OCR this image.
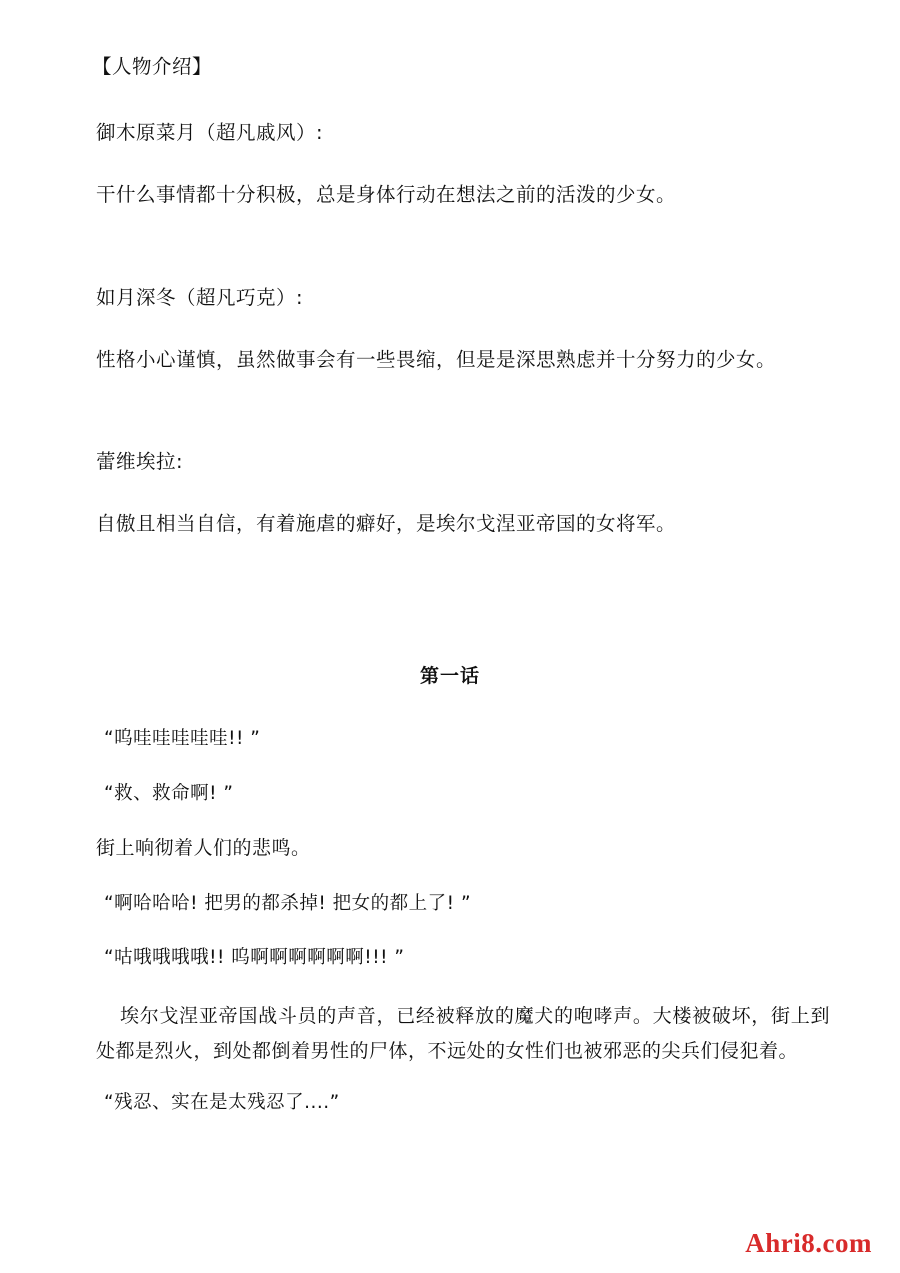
【人物介绍】
御木原菜月（超凡戚风）:
干什么事情都十分积极，总是身体行动在想法之前的活泼的少女。
如月深冬（超凡巧克）:
性格小心谨慎，虽然做事会有一些畏缩，但是是深思熟虑并十分努力的少女。
蕾维埃拉:
自傲且相当自信，有着施虐的癖好，是埃尔戈涅亚帝国的女将军。
第一话
“呜哇哇哇哇哇!! ”
“救、救命啊! ”
街上响彻着人们的悲鸣。
“啊哈哈哈! 把男的都杀掉! 把女的都上了! ”
“咕哦哦哦哦!! 呜啊啊啊啊啊啊!!! ”
埃尔戈涅亚帝国战斗员的声音，已经被释放的魔犬的咆哮声。大楼被破坏，街上到处都是烈火，到处都倒着男性的尸体，不远处的女性们也被邪恶的尖兵们侵犯着。
“残忍、实在是太残忍了....”
Ahri8.com
